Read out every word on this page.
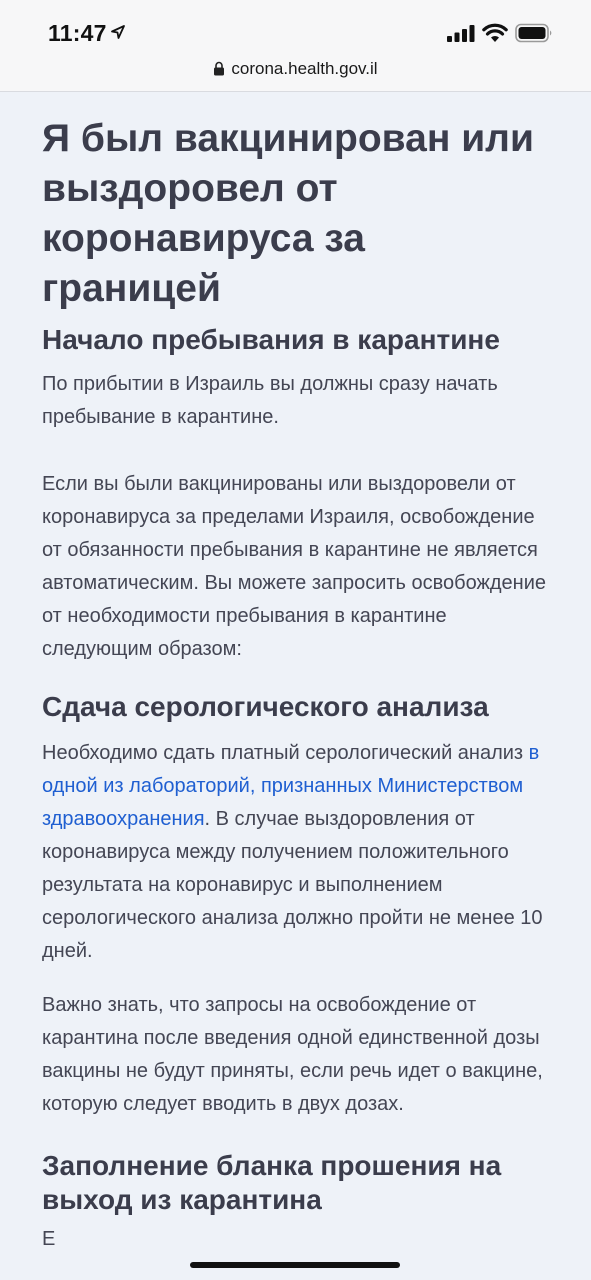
11:47
corona.health.gov.il
Я был вакцинирован или выздоровел от коронавируса за границей
Начало пребывания в карантине

По прибытии в Израиль вы должны сразу начать пребывание в карантине.

Если вы были вакцинированы или выздоровели от коронавируса за пределами Израиля, освобождение от обязанности пребывания в карантине не является автоматическим. Вы можете запросить освобождение от необходимости пребывания в карантине следующим образом:

Сдача серологического анализа

Необходимо сдать платный серологический анализ в одной из лабораторий, признанных Министерством здравоохранения. В случае выздоровления от коронавируса между получением положительного результата на коронавирус и выполнением серологического анализа должно пройти не менее 10 дней.

Важно знать, что запросы на освобождение от карантина после введения одной единственной дозы вакцины не будут приняты, если речь идет о вакцине, которую следует вводить в двух дозах.

Заполнение бланка прошения на выход из карантина

Е
